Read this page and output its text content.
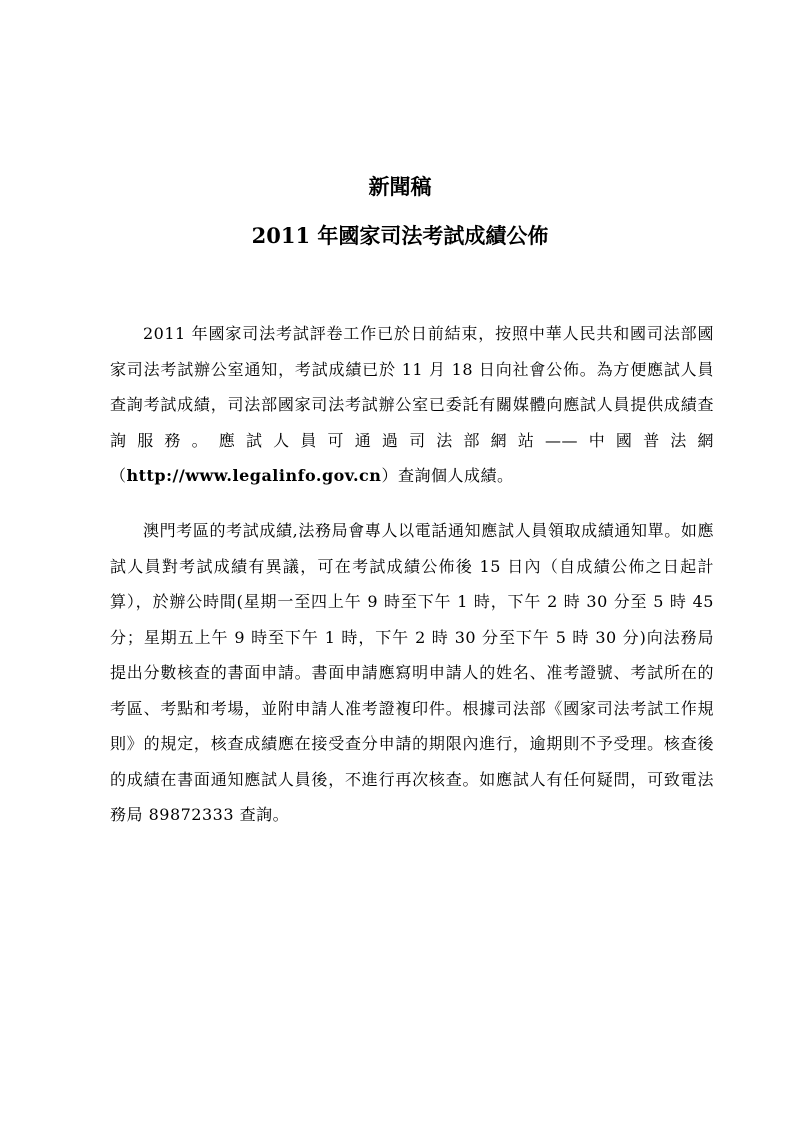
新聞稿
2011 年國家司法考試成績公佈

2011 年國家司法考試評卷工作已於日前結束，按照中華人民共和國司法部國家司法考試辦公室通知，考試成績已於 11 月 18 日向社會公佈。為方便應試人員查詢考試成績，司法部國家司法考試辦公室已委託有關媒體向應試人員提供成績查詢服務。應試人員可通過司法部網站——中國普法網（http://www.legalinfo.gov.cn）查詢個人成績。

澳門考區的考試成績,法務局會專人以電話通知應試人員領取成績通知單。如應試人員對考試成績有異議，可在考試成績公佈後 15 日內（自成績公佈之日起計算），於辦公時間(星期一至四上午 9 時至下午 1 時，下午 2 時 30 分至 5 時 45 分；星期五上午 9 時至下午 1 時，下午 2 時 30 分至下午 5 時 30 分)向法務局提出分數核查的書面申請。書面申請應寫明申請人的姓名、准考證號、考試所在的考區、考點和考場，並附申請人准考證複印件。根據司法部《國家司法考試工作規則》的規定，核查成績應在接受查分申請的期限內進行，逾期則不予受理。核查後的成績在書面通知應試人員後，不進行再次核查。如應試人有任何疑問，可致電法務局 89872333 查詢。
